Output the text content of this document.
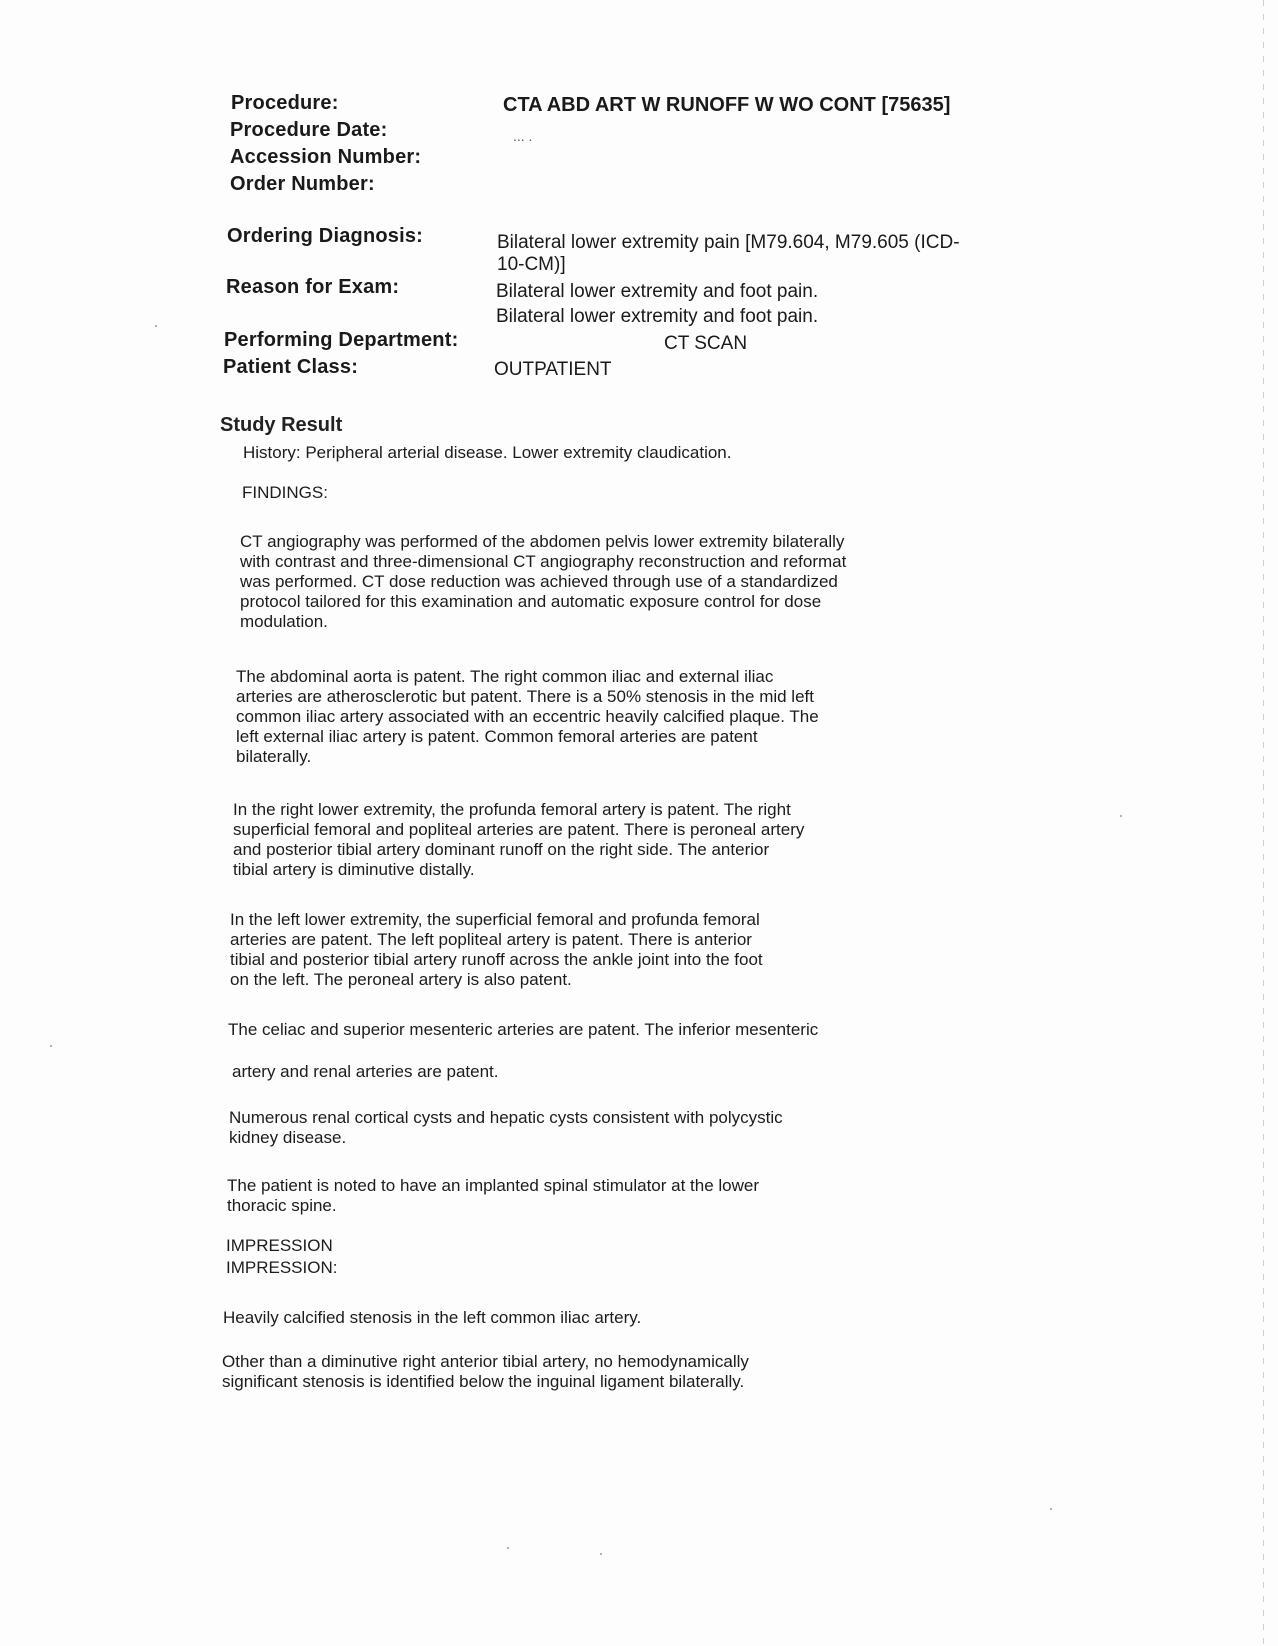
Procedure:	CTA ABD ART W RUNOFF W WO CONT [75635]
Procedure Date:	... .
Accession Number:
Order Number:
Ordering Diagnosis:	Bilateral lower extremity pain [M79.604, M79.605 (ICD-
10-CM)]
Reason for Exam:	Bilateral lower extremity and foot pain.
Bilateral lower extremity and foot pain.
Performing Department:	CT SCAN
Patient Class:	OUTPATIENT
Study Result
History: Peripheral arterial disease. Lower extremity claudication.
FINDINGS:
CT angiography was performed of the abdomen pelvis lower extremity bilaterally
with contrast and three-dimensional CT angiography reconstruction and reformat
was performed. CT dose reduction was achieved through use of a standardized
protocol tailored for this examination and automatic exposure control for dose
modulation.
The abdominal aorta is patent. The right common iliac and external iliac
arteries are atherosclerotic but patent. There is a 50% stenosis in the mid left
common iliac artery associated with an eccentric heavily calcified plaque. The
left external iliac artery is patent. Common femoral arteries are patent
bilaterally.
In the right lower extremity, the profunda femoral artery is patent. The right
superficial femoral and popliteal arteries are patent. There is peroneal artery
and posterior tibial artery dominant runoff on the right side. The anterior
tibial artery is diminutive distally.
In the left lower extremity, the superficial femoral and profunda femoral
arteries are patent. The left popliteal artery is patent. There is anterior
tibial and posterior tibial artery runoff across the ankle joint into the foot
on the left. The peroneal artery is also patent.
The celiac and superior mesenteric arteries are patent. The inferior mesenteric
artery and renal arteries are patent.
Numerous renal cortical cysts and hepatic cysts consistent with polycystic
kidney disease.
The patient is noted to have an implanted spinal stimulator at the lower
thoracic spine.
IMPRESSION
IMPRESSION:
Heavily calcified stenosis in the left common iliac artery.
Other than a diminutive right anterior tibial artery, no hemodynamically
significant stenosis is identified below the inguinal ligament bilaterally.
